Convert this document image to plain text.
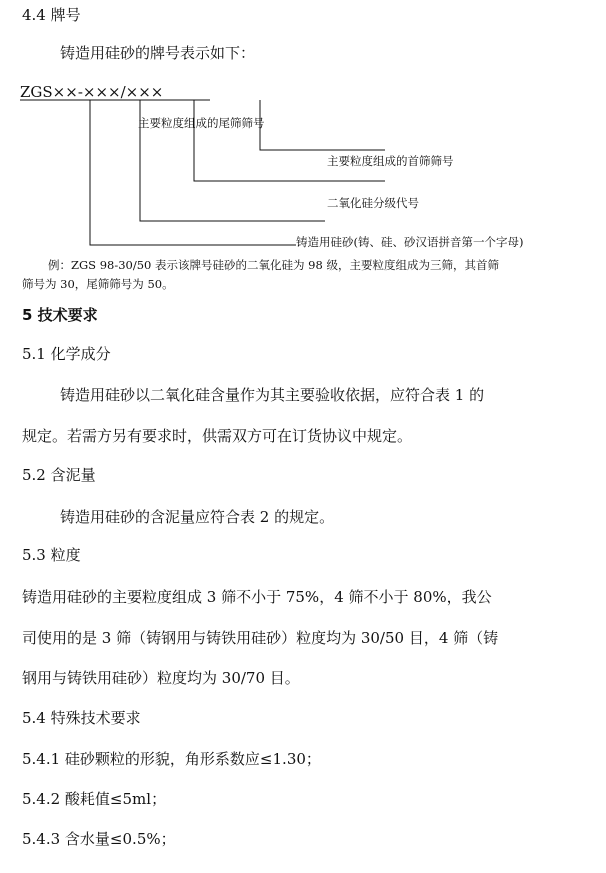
4.4 牌号
铸造用硅砂的牌号表示如下：
ZGS××-×××/×××
主要粒度组成的尾筛筛号
主要粒度组成的首筛筛号
二氧化硅分级代号
铸造用硅砂(铸、硅、砂汉语拼音第一个字母)
例：ZGS 98-30/50 表示该牌号硅砂的二氧化硅为 98 级，主要粒度组成为三筛，其首筛
筛号为 30，尾筛筛号为 50。
5 技术要求
5.1 化学成分
铸造用硅砂以二氧化硅含量作为其主要验收依据，应符合表 1 的
规定。若需方另有要求时，供需双方可在订货协议中规定。
5.2 含泥量
铸造用硅砂的含泥量应符合表 2 的规定。
5.3 粒度
铸造用硅砂的主要粒度组成 3 筛不小于 75%，4 筛不小于 80%，我公
司使用的是 3 筛（铸钢用与铸铁用硅砂）粒度均为 30/50 目，4 筛（铸
钢用与铸铁用硅砂）粒度均为 30/70 目。
5.4 特殊技术要求
5.4.1 硅砂颗粒的形貌，角形系数应≤1.30；
5.4.2 酸耗值≤5ml；
5.4.3 含水量≤0.5%；
